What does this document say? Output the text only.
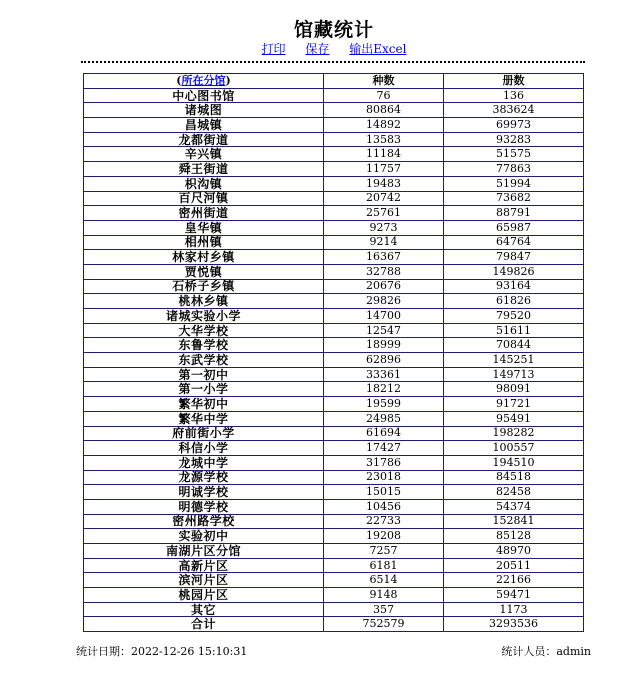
馆藏统计
打印 保存 输出Excel
(所在分馆)	种数	册数
中心图书馆	76	136
诸城图	80864	383624
昌城镇	14892	69973
龙都街道	13583	93283
辛兴镇	11184	51575
舜王街道	11757	77863
枳沟镇	19483	51994
百尺河镇	20742	73682
密州街道	25761	88791
皇华镇	9273	65987
相州镇	9214	64764
林家村乡镇	16367	79847
贾悦镇	32788	149826
石桥子乡镇	20676	93164
桃林乡镇	29826	61826
诸城实验小学	14700	79520
大华学校	12547	51611
东鲁学校	18999	70844
东武学校	62896	145251
第一初中	33361	149713
第一小学	18212	98091
繁华初中	19599	91721
繁华中学	24985	95491
府前街小学	61694	198282
科信小学	17427	100557
龙城中学	31786	194510
龙源学校	23018	84518
明诚学校	15015	82458
明德学校	10456	54374
密州路学校	22733	152841
实验初中	19208	85128
南湖片区分馆	7257	48970
高新片区	6181	20511
滨河片区	6514	22166
桃园片区	9148	59471
其它	357	1173
合计	752579	3293536
统计日期：2022-12-26 15:10:31	统计人员：admin
